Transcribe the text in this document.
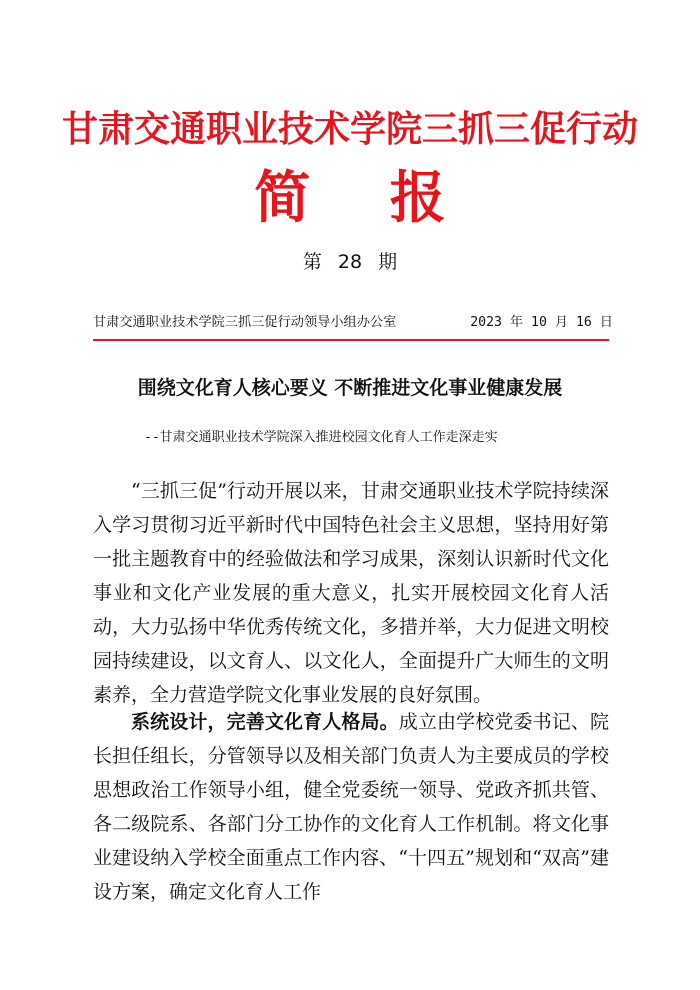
甘肃交通职业技术学院三抓三促行动
简 报
第 28 期
甘肃交通职业技术学院三抓三促行动领导小组办公室	2023 年 10 月 16 日
围绕文化育人核心要义 不断推进文化事业健康发展
--甘肃交通职业技术学院深入推进校园文化育人工作走深走实
“三抓三促”行动开展以来，甘肃交通职业技术学院持续深入学习贯彻习近平新时代中国特色社会主义思想，坚持用好第一批主题教育中的经验做法和学习成果，深刻认识新时代文化事业和文化产业发展的重大意义，扎实开展校园文化育人活动，大力弘扬中华优秀传统文化，多措并举，大力促进文明校园持续建设，以文育人、以文化人，全面提升广大师生的文明素养，全力营造学院文化事业发展的良好氛围。
系统设计，完善文化育人格局。成立由学校党委书记、院长担任组长，分管领导以及相关部门负责人为主要成员的学校思想政治工作领导小组，健全党委统一领导、党政齐抓共管、各二级院系、各部门分工协作的文化育人工作机制。将文化事业建设纳入学校全面重点工作内容、“十四五”规划和“双高”建设方案，确定文化育人工作
